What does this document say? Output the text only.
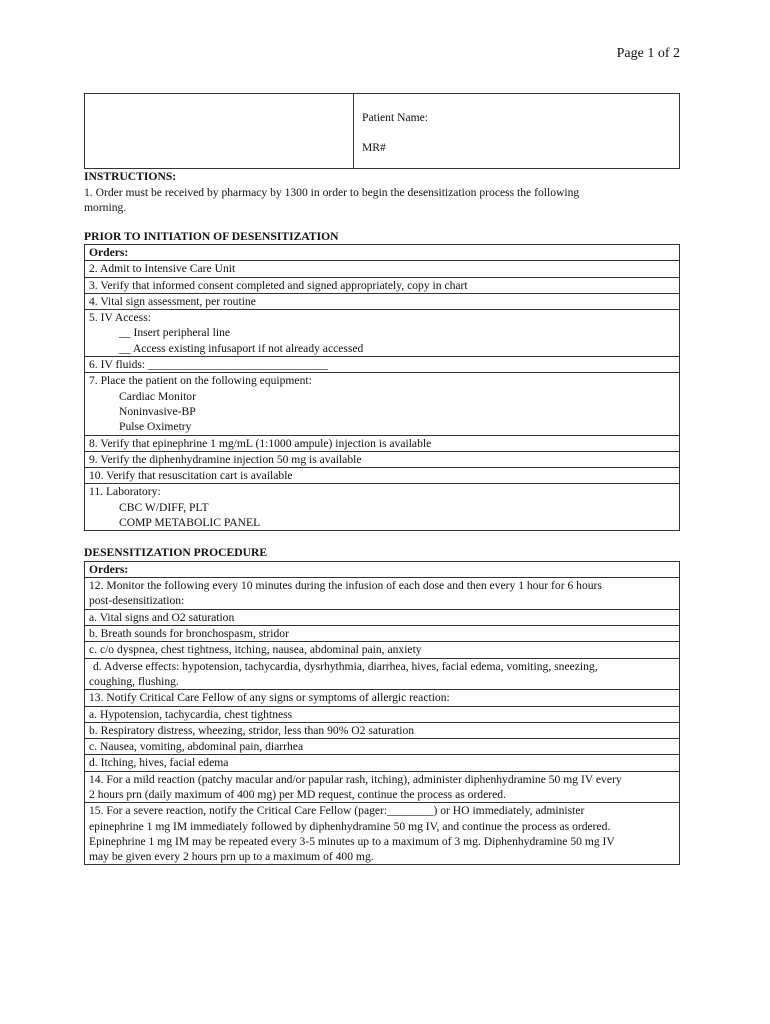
Page 1 of 2
Patient Name:
MR#
INSTRUCTIONS:
1. Order must be received by pharmacy by 1300 in order to begin the desensitization process the following
morning.
PRIOR TO INITIATION OF DESENSITIZATION
Orders:

2. Admit to Intensive Care Unit

3. Verify that informed consent completed and signed appropriately, copy in chart

4. Vital sign assessment, per routine

5. IV Access:
__ Insert peripheral line
__ Access existing infusaport if not already accessed

6. IV fluids: _______________________________

7. Place the patient on the following equipment:
Cardiac Monitor
Noninvasive-BP
Pulse Oximetry

8. Verify that epinephrine 1 mg/mL (1:1000 ampule) injection is available

9. Verify the diphenhydramine injection 50 mg is available

10. Verify that resuscitation cart is available

11. Laboratory:
CBC W/DIFF, PLT
COMP METABOLIC PANEL
DESENSITIZATION PROCEDURE
Orders:

12. Monitor the following every 10 minutes during the infusion of each dose and then every 1 hour for 6 hours
post-desensitization:

a. Vital signs and O2 saturation
b. Breath sounds for bronchospasm, stridor
c. c/o dyspnea, chest tightness, itching, nausea, abdominal pain, anxiety

d. Adverse effects: hypotension, tachycardia, dysrhythmia, diarrhea, hives, facial edema, vomiting, sneezing,
coughing, flushing.

13. Notify Critical Care Fellow of any signs or symptoms of allergic reaction:
a. Hypotension, tachycardia, chest tightness
b. Respiratory distress, wheezing, stridor, less than 90% O2 saturation
c. Nausea, vomiting, abdominal pain, diarrhea
d. Itching, hives, facial edema

14. For a mild reaction (patchy macular and/or papular rash, itching), administer diphenhydramine 50 mg IV every
2 hours prn (daily maximum of 400 mg) per MD request, continue the process as ordered.

15. For a severe reaction, notify the Critical Care Fellow (pager:________) or HO immediately, administer
epinephrine 1 mg IM immediately followed by diphenhydramine 50 mg IV, and continue the process as ordered.
Epinephrine 1 mg IM may be repeated every 3-5 minutes up to a maximum of 3 mg. Diphenhydramine 50 mg IV
may be given every 2 hours prn up to a maximum of 400 mg.
